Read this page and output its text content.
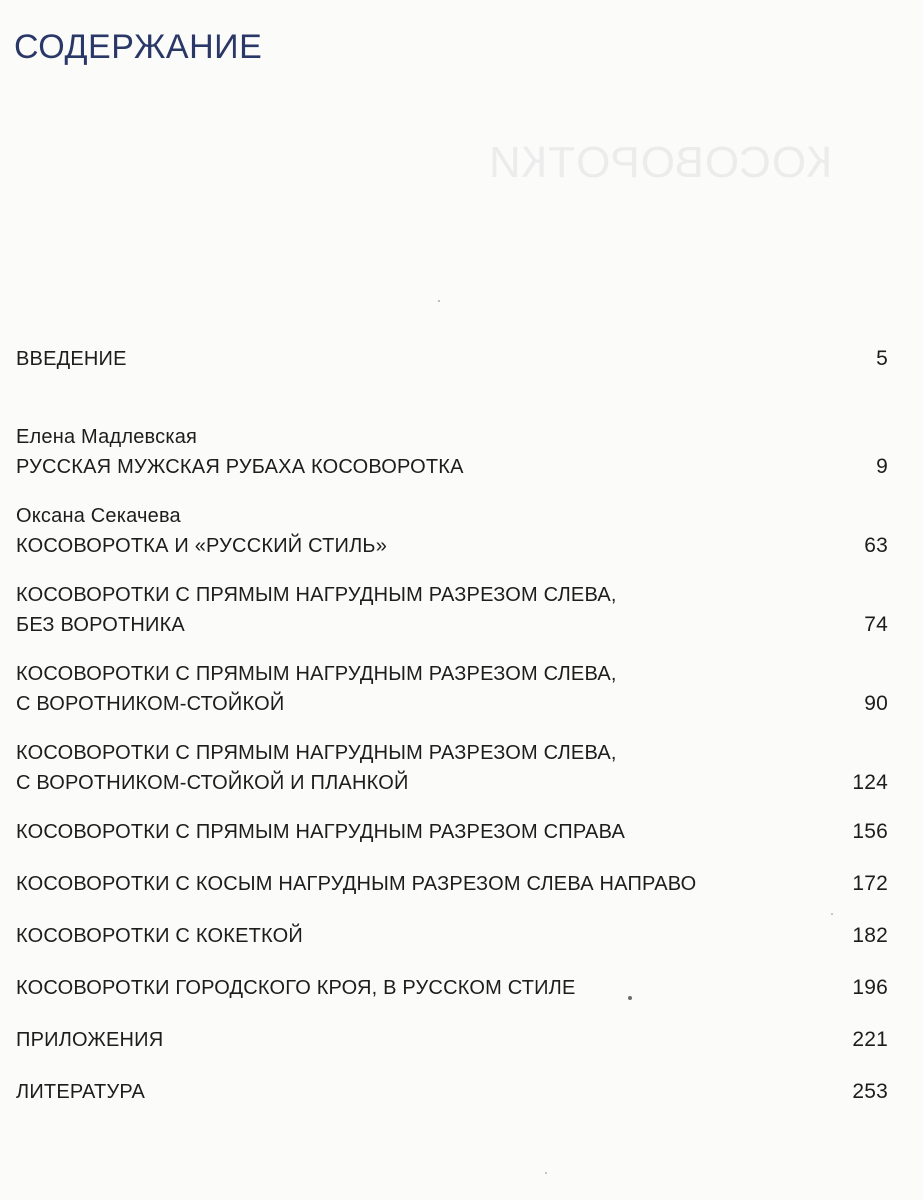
КОСОВОРОТКИ
СОДЕРЖАНИЕ
ВВЕДЕНИЕ	5
Елена Мадлевская
РУССКАЯ МУЖСКАЯ РУБАХА КОСОВОРОТКА	9
Оксана Секачева
КОСОВОРОТКА И «РУССКИЙ СТИЛЬ»	63
КОСОВОРОТКИ С ПРЯМЫМ НАГРУДНЫМ РАЗРЕЗОМ СЛЕВА,
БЕЗ ВОРОТНИКА	74
КОСОВОРОТКИ С ПРЯМЫМ НАГРУДНЫМ РАЗРЕЗОМ СЛЕВА,
С ВОРОТНИКОМ-СТОЙКОЙ	90
КОСОВОРОТКИ С ПРЯМЫМ НАГРУДНЫМ РАЗРЕЗОМ СЛЕВА,
С ВОРОТНИКОМ-СТОЙКОЙ И ПЛАНКОЙ	124
КОСОВОРОТКИ С ПРЯМЫМ НАГРУДНЫМ РАЗРЕЗОМ СПРАВА	156
КОСОВОРОТКИ С КОСЫМ НАГРУДНЫМ РАЗРЕЗОМ СЛЕВА НАПРАВО	172
КОСОВОРОТКИ С КОКЕТКОЙ	182
КОСОВОРОТКИ ГОРОДСКОГО КРОЯ, В РУССКОМ СТИЛЕ	196
ПРИЛОЖЕНИЯ	221
ЛИТЕРАТУРА	253
